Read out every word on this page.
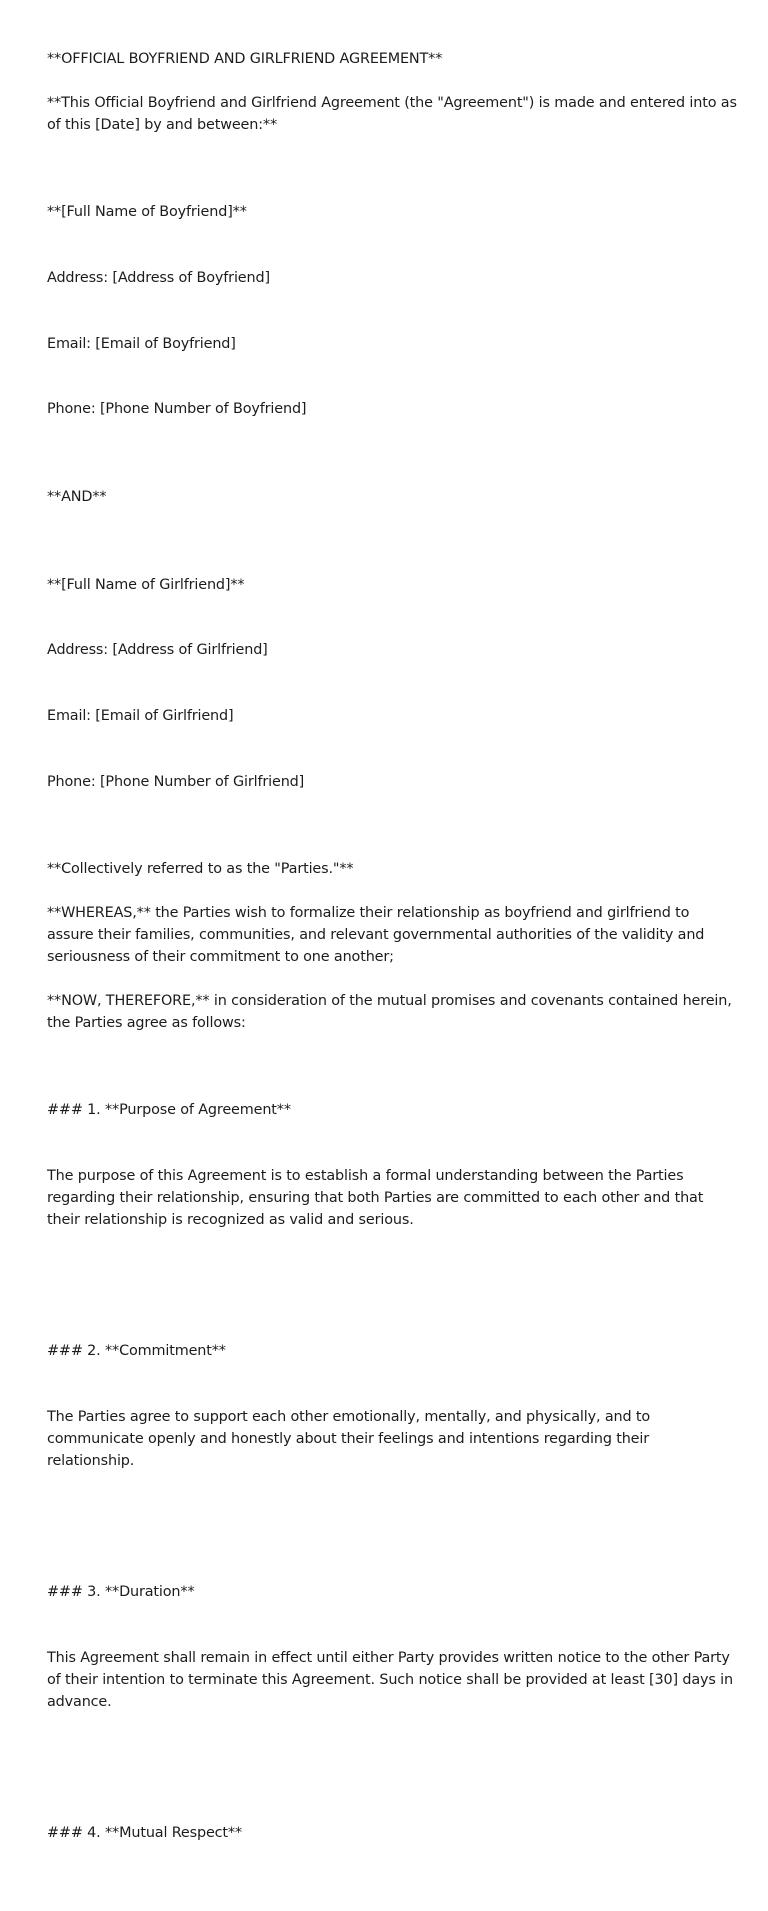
**OFFICIAL BOYFRIEND AND GIRLFRIEND AGREEMENT**
**This Official Boyfriend and Girlfriend Agreement (the "Agreement") is made and entered into as of this [Date] by and between:**

**[Full Name of Boyfriend]**

Address: [Address of Boyfriend]

Email: [Email of Boyfriend]

Phone: [Phone Number of Boyfriend]

**AND**

**[Full Name of Girlfriend]**

Address: [Address of Girlfriend]

Email: [Email of Girlfriend]

Phone: [Phone Number of Girlfriend]

**Collectively referred to as the "Parties."**
**WHEREAS,** the Parties wish to formalize their relationship as boyfriend and girlfriend to assure their families, communities, and relevant governmental authorities of the validity and seriousness of their commitment to one another;
**NOW, THEREFORE,** in consideration of the mutual promises and covenants contained herein, the Parties agree as follows:

### 1. **Purpose of Agreement**

The purpose of this Agreement is to establish a formal understanding between the Parties regarding their relationship, ensuring that both Parties are committed to each other and that their relationship is recognized as valid and serious.

### 2. **Commitment**

The Parties agree to support each other emotionally, mentally, and physically, and to communicate openly and honestly about their feelings and intentions regarding their relationship.

### 3. **Duration**

This Agreement shall remain in effect until either Party provides written notice to the other Party of their intention to terminate this Agreement. Such notice shall be provided at least [30] days in advance.

### 4. **Mutual Respect**
